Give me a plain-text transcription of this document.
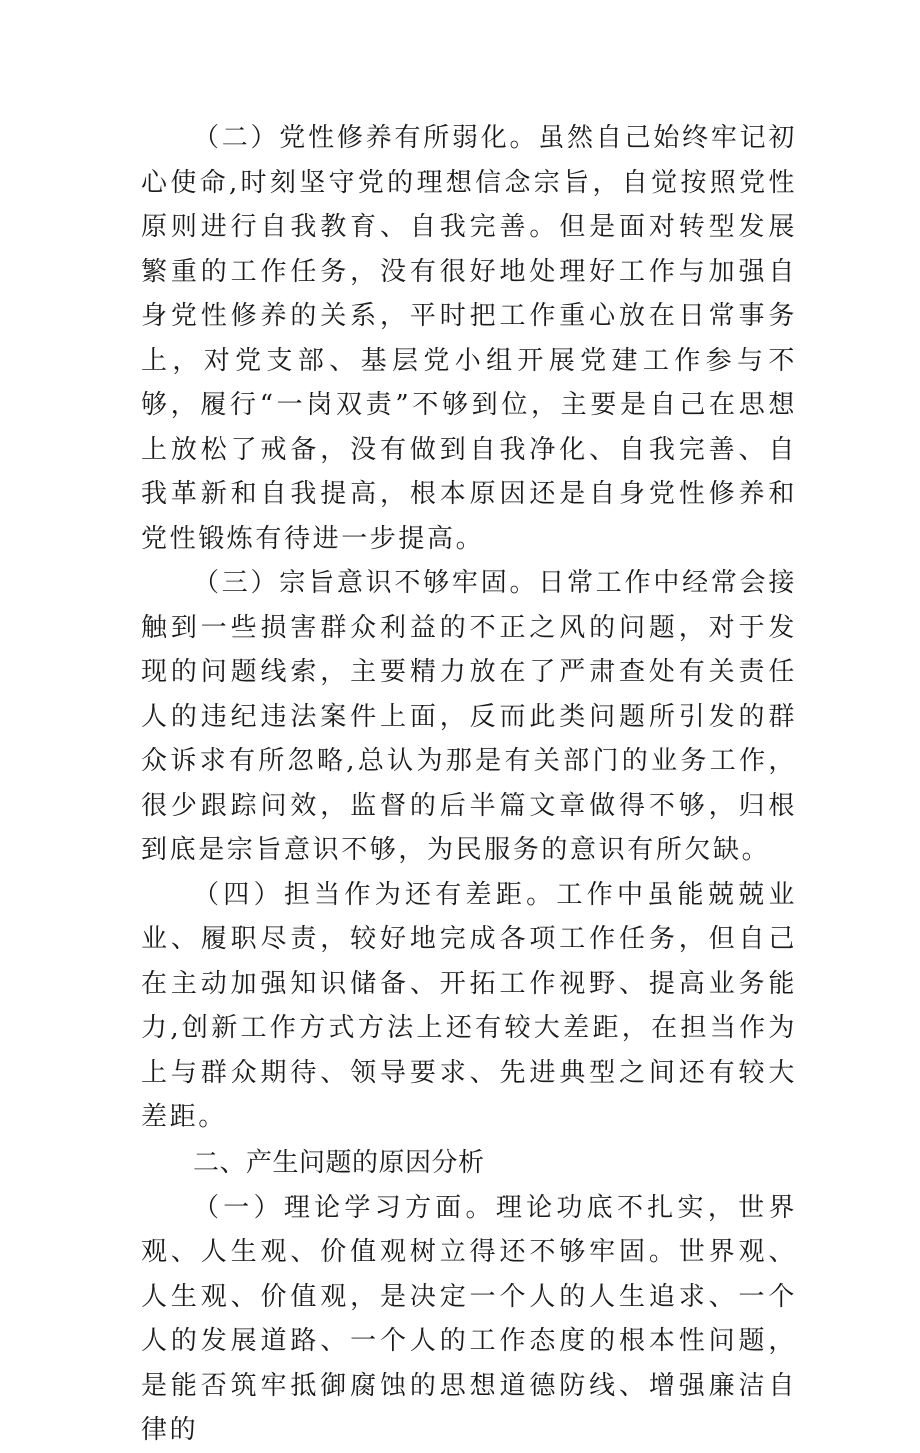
（二）党性修养有所弱化。虽然自己始终牢记初心使命,时刻坚守党的理想信念宗旨，自觉按照党性原则进行自我教育、自我完善。但是面对转型发展繁重的工作任务，没有很好地处理好工作与加强自身党性修养的关系，平时把工作重心放在日常事务上，对党支部、基层党小组开展党建工作参与不够，履行“一岗双责”不够到位，主要是自己在思想上放松了戒备，没有做到自我净化、自我完善、自我革新和自我提高，根本原因还是自身党性修养和党性锻炼有待进一步提高。

（三）宗旨意识不够牢固。日常工作中经常会接触到一些损害群众利益的不正之风的问题，对于发现的问题线索，主要精力放在了严肃查处有关责任人的违纪违法案件上面，反而此类问题所引发的群众诉求有所忽略,总认为那是有关部门的业务工作，很少跟踪问效，监督的后半篇文章做得不够，归根到底是宗旨意识不够，为民服务的意识有所欠缺。

（四）担当作为还有差距。工作中虽能兢兢业业、履职尽责，较好地完成各项工作任务，但自己在主动加强知识储备、开拓工作视野、提高业务能力,创新工作方式方法上还有较大差距，在担当作为上与群众期待、领导要求、先进典型之间还有较大差距。

二、产生问题的原因分析

（一）理论学习方面。理论功底不扎实，世界观、人生观、价值观树立得还不够牢固。世界观、人生观、价值观，是决定一个人的人生追求、一个人的发展道路、一个人的工作态度的根本性问题，是能否筑牢抵御腐蚀的思想道德防线、增强廉洁自律的
